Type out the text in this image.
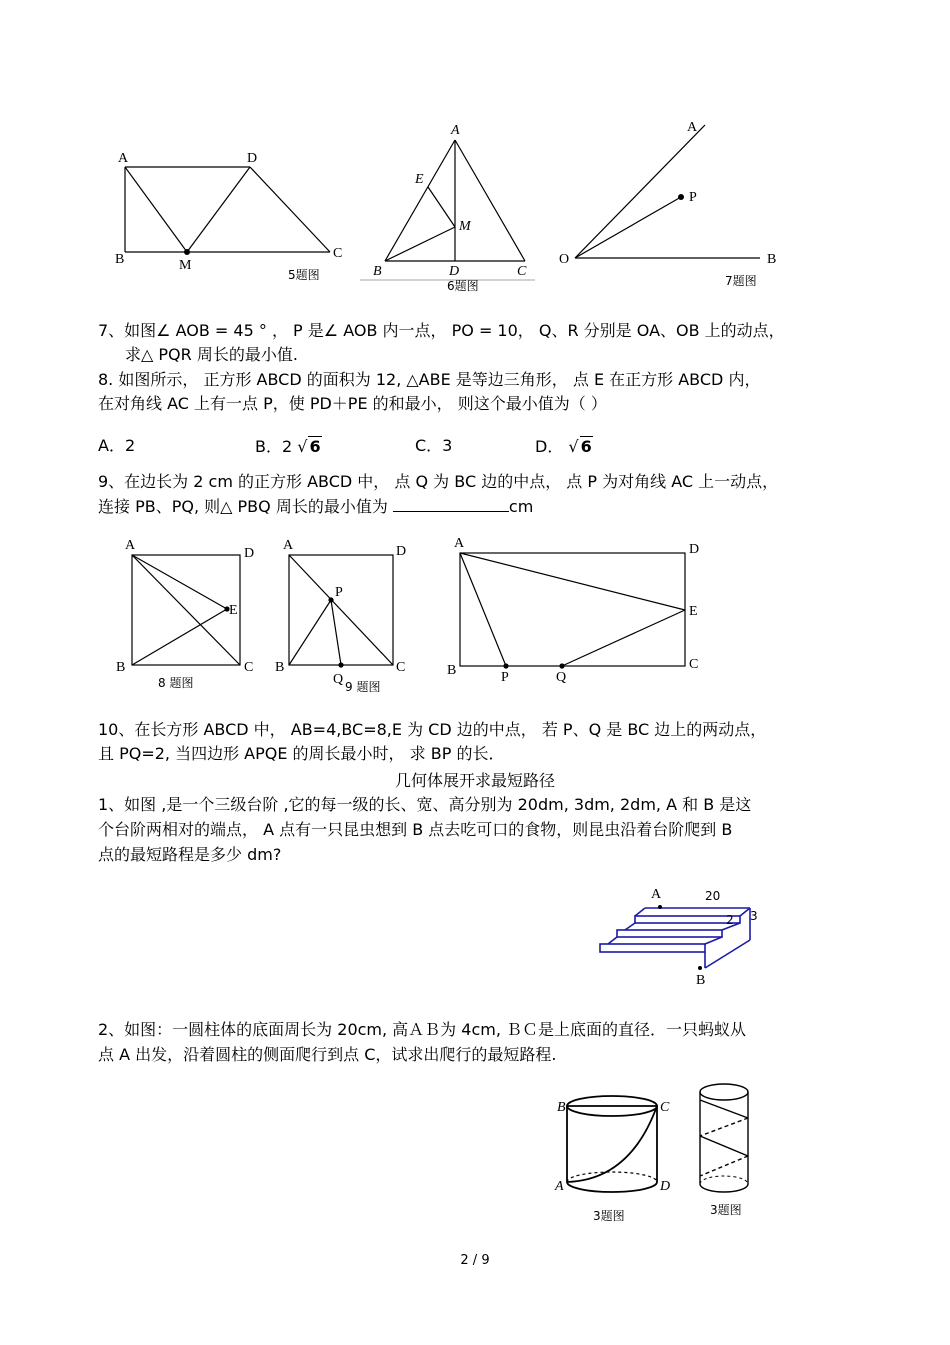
A	D
B	M
C
5题图
A
E
M
B	D	C
6题图
A
P
O	B
7题图
7、如图∠ AOB = 45 ° ， P 是∠ AOB 内一点， PO = 10， Q、R 分别是 OA、OB 上的动点，
求△ PQR 周长的最小值.
8. 如图所示， 正方形 ABCD 的面积为 12, △ABE 是等边三角形， 点 E 在正方形 ABCD 内，
在对角线 AC 上有一点 P，使 PD＋PE 的和最小， 则这个最小值为（ ）
A．2	B．2 √ 6	C．3	D． √ 6
9、在边长为 2 cm 的正方形 ABCD 中， 点 Q 为 BC 边的中点， 点 P 为对角线 AC 上一动点，
连接 PB、PQ, 则△ PBQ 周长的最小值为	cm
A
D
E
B	C
8 题图
A	D
P
B
Q
C
9 题图
A	D
E
B	P	Q
C
10、在长方形 ABCD 中， AB=4,BC=8,E 为 CD 边的中点， 若 P、Q 是 BC 边上的两动点，
且 PQ=2, 当四边形 APQE 的周长最小时， 求 BP 的长．
几何体展开求最短路径
1、如图 ,是一个三级台阶 ,它的每一级的长、宽、高分别为 20dm, 3dm, 2dm, A 和 B 是这
个台阶两相对的端点， A 点有一只昆虫想到 B 点去吃可口的食物，则昆虫沿着台阶爬到 B
点的最短路程是多少 dm?
A	20
2 3
B
2、如图：一圆柱体的底面周长为 20cm, 高ＡＢ为 4cm, ＢＣ是上底面的直径．一只蚂蚁从
点 A 出发，沿着圆柱的侧面爬行到点 C，试求出爬行的最短路程.
B	C
A	D
3题图	3题图
2 / 9
